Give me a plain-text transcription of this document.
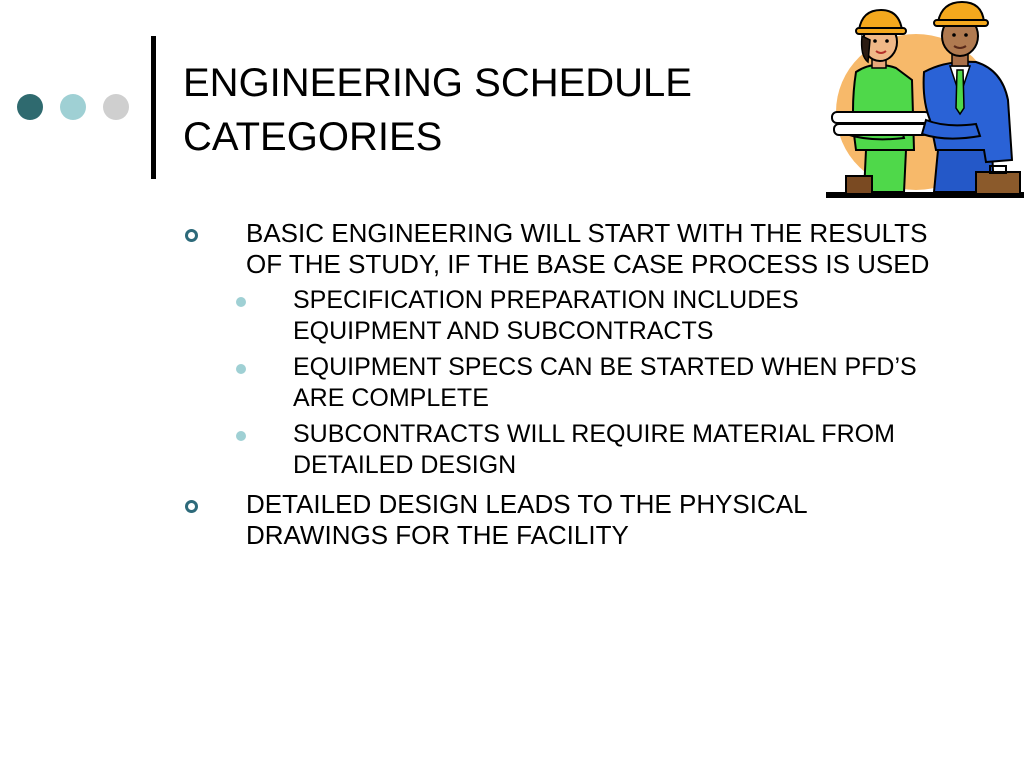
ENGINEERING SCHEDULE
CATEGORIES
BASIC ENGINEERING WILL START WITH THE RESULTS OF THE STUDY, IF THE BASE CASE PROCESS IS USED
SPECIFICATION PREPARATION INCLUDES EQUIPMENT AND SUBCONTRACTS
EQUIPMENT SPECS CAN BE STARTED WHEN PFD’S ARE COMPLETE
SUBCONTRACTS WILL REQUIRE MATERIAL FROM DETAILED DESIGN
DETAILED DESIGN LEADS TO THE PHYSICAL DRAWINGS FOR THE FACILITY
